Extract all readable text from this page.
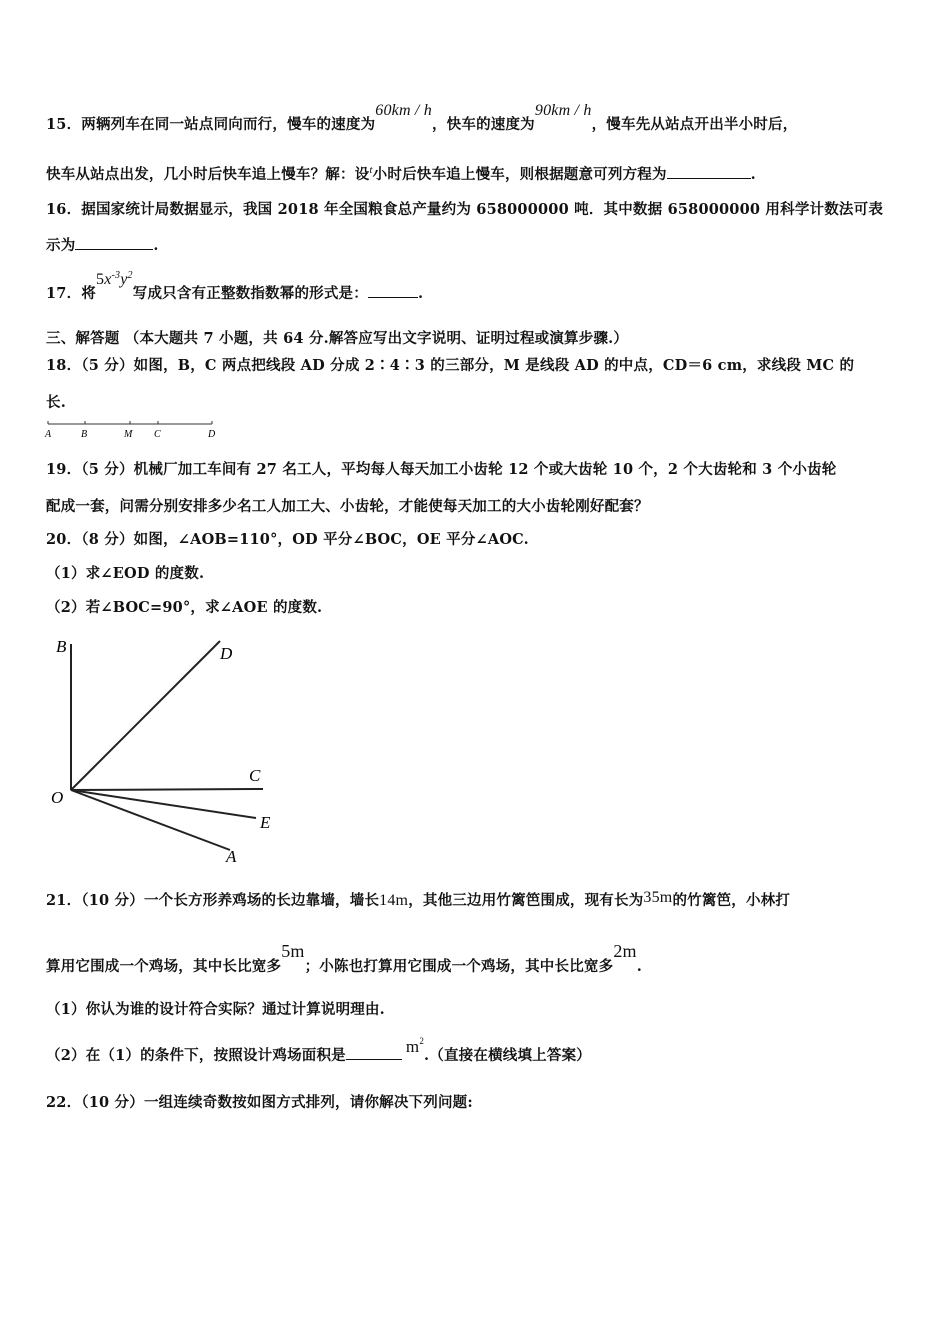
15．两辆列车在同一站点同向而行，慢车的速度为60km / h，快车的速度为90km / h，慢车先从站点开出半小时后，
快车从站点出发，几小时后快车追上慢车？解：设$^t$小时后快车追上慢车，则根据题意可列方程为	.
16．据国家统计局数据显示，我国 2018 年全国粮食总产量约为 658000000 吨．其中数据 658000000 用科学计数法可表
示为	.
17．将$5x^{-3}y^2$写成只含有正整数指数幂的形式是：	.
三、解答题 （本大题共 7 小题，共 64 分.解答应写出文字说明、证明过程或演算步骤.）
18．（5 分）如图，B，C 两点把线段 AD 分成 2∶4∶3 的三部分，M 是线段 AD 的中点，CD＝6 cm，求线段 MC 的
长.
A	B	M C	D
19．（5 分）机械厂加工车间有 27 名工人，平均每人每天加工小齿轮 12 个或大齿轮 10 个，2 个大齿轮和 3 个小齿轮
配成一套，问需分别安排多少名工人加工大、小齿轮，才能使每天加工的大小齿轮刚好配套？
20．（8 分）如图，∠AOB=110°，OD 平分∠BOC，OE 平分∠AOC.
（1）求∠EOD 的度数.
（2）若∠BOC=90°，求∠AOE 的度数.
B	D
C
O
E
A
21．（10 分）一个长方形养鸡场的长边靠墙，墙长14m，其他三边用竹篱笆围成，现有长为35m的竹篱笆，小林打
算用它围成一个鸡场，其中长比宽多5m；小陈也打算用它围成一个鸡场，其中长比宽多2m.
（1）你认为谁的设计符合实际？通过计算说明理由.
（2）在（1）的条件下，按照设计鸡场面积是	$m^2$.（直接在横线填上答案）
22．（10 分）一组连续奇数按如图方式排列，请你解决下列问题:
